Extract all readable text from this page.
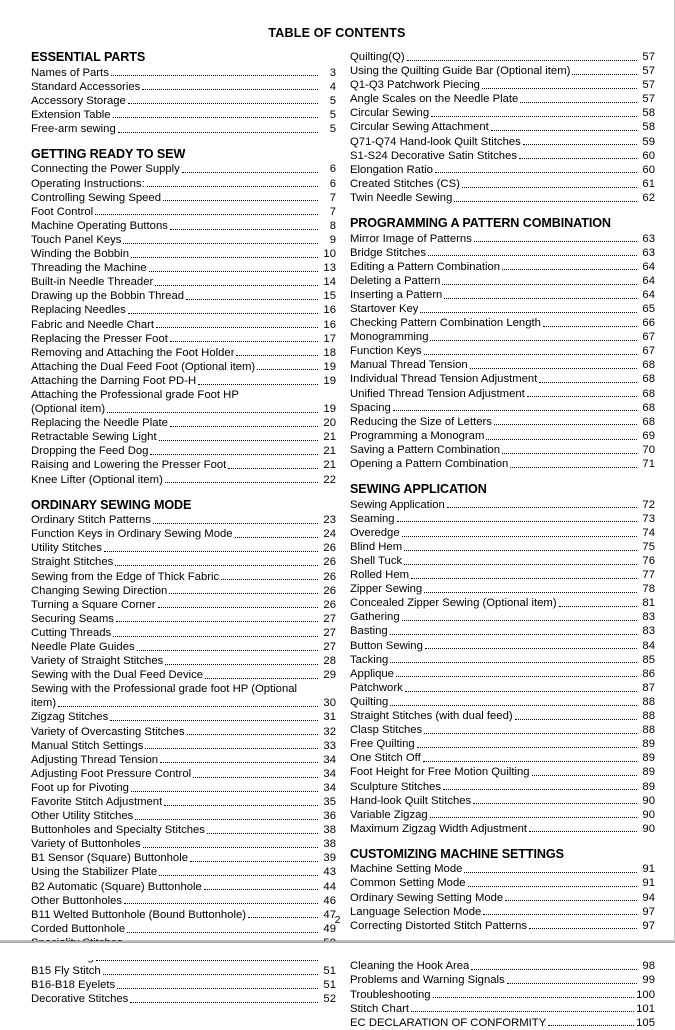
TABLE OF CONTENTS
ESSENTIAL PARTS
Names of Parts	3
Standard Accessories	4
Accessory Storage	5
Extension Table	5
Free-arm sewing	5
GETTING READY TO SEW
Connecting the Power Supply	6
Operating Instructions:	6
Controlling Sewing Speed	7
Foot Control	7
Machine Operating Buttons	8
Touch Panel Keys	9
Winding the Bobbin	10
Threading the Machine	13
Built-in Needle Threader	14
Drawing up the Bobbin Thread	15
Replacing Needles	16
Fabric and Needle Chart	16
Replacing the Presser Foot	17
Removing and Attaching the Foot Holder	18
Attaching the Dual Feed Foot (Optional item)	19
Attaching the Darning Foot PD-H	19
Attaching the Professional grade Foot HP
(Optional item)	19
Replacing the Needle Plate	20
Retractable Sewing Light	21
Dropping the Feed Dog	21
Raising and Lowering the Presser Foot	21
Knee Lifter (Optional item)	22
ORDINARY SEWING MODE
Ordinary Stitch Patterns	23
Function Keys in Ordinary Sewing Mode	24
Utility Stitches	26
Straight Stitches	26
Sewing from the Edge of Thick Fabric	26
Changing Sewing Direction	26
Turning a Square Corner	26
Securing Seams	27
Cutting Threads	27
Needle Plate Guides	27
Variety of Straight Stitches	28
Sewing with the Dual Feed Device	29
Sewing with the Professional grade foot HP (Optional
item)	30
Zigzag Stitches	31
Variety of Overcasting Stitches	32
Manual Stitch Settings	33
Adjusting Thread Tension	34
Adjusting Foot Pressure Control	34
Foot up for Pivoting	34
Favorite Stitch Adjustment	35
Other Utility Stitches	36
Buttonholes and Specialty Stitches	38
Variety of Buttonholes	38
B1 Sensor (Square) Buttonhole	39
Using the Stabilizer Plate	43
B2 Automatic (Square) Buttonhole	44
Other Buttonholes	46
B11 Welted Buttonhole (Bound Buttonhole)	47
Corded Buttonhole	49
B15 Fly Stitch	51
B16-B18 Eyelets	51
Decorative Stitches	52
Quilting(Q)	57
Using the Quilting Guide Bar (Optional item)	57
Q1-Q3 Patchwork Piecing	57
Angle Scales on the Needle Plate	57
Circular Sewing	58
Circular Sewing Attachment	58
Q71-Q74 Hand-look Quilt Stitches	59
S1-S24 Decorative Satin Stitches	60
Elongation Ratio	60
Created Stitches (CS)	61
Twin Needle Sewing	62
PROGRAMMING A PATTERN COMBINATION
Mirror Image of Patterns	63
Bridge Stitches	63
Editing a Pattern Combination	64
Deleting a Pattern	64
Inserting a Pattern	64
Startover Key	65
Checking Pattern Combination Length	66
Monogramming	67
Function Keys	67
Manual Thread Tension	68
Individual Thread Tension Adjustment	68
Unified Thread Tension Adjustment	68
Spacing	68
Reducing the Size of Letters	68
Programming a Monogram	69
Saving a Pattern Combination	70
Opening a Pattern Combination	71
SEWING APPLICATION
Sewing Application	72
Seaming	73
Overedge	74
Blind Hem	75
Shell Tuck	76
Rolled Hem	77
Zipper Sewing	78
Concealed Zipper Sewing (Optional item)	81
Gathering	83
Basting	83
Button Sewing	84
Tacking	85
Applique	86
Patchwork	87
Quilting	88
Straight Stitches (with dual feed)	88
Clasp Stitches	88
Free Quilting	89
One Stitch Off	89
Foot Height for Free Motion Quilting	89
Sculpture Stitches	89
Hand-look Quilt Stitches	90
Variable Zigzag	90
Maximum Zigzag Width Adjustment	90
CUSTOMIZING MACHINE SETTINGS
Machine Setting Mode	91
Common Setting Mode	91
Ordinary Sewing Setting Mode	94
Language Selection Mode	97
Correcting Distorted Stitch Patterns	97
Cleaning the Hook Area	98
Problems and Warning Signals	99
Troubleshooting	100
Stitch Chart	101
EC DECLARATION OF CONFORMITY	105
2
